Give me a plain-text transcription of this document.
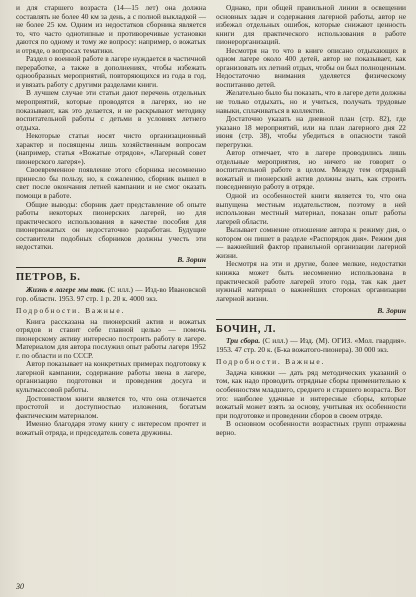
и для старшего возраста (14—15 лет) она должна составлять не более 40 км за день, а с полной выкладкой — не более 25 км. Одним из недостатков сборника является то, что часто однотипные и противоречивые установки даются по одному и тому же вопросу: например, о вожатых и отряде, о вопросах тематики.

Раздел о военной работе в лагере нуждается в частичной переработке, а также в дополнениях, чтобы избежать однообразных мероприятий, повторяющихся из года в год, и увязать работу с другими разделами книги.

В лучшем случае эти статьи дают перечень отдельных мероприятий, которые проводятся в лагерях, но не показывают, как это делается, и не раскрывают методику воспитательной работы с детьми в условиях летнего отдыха.

Некоторые статьи носят чисто организационный характер и посвящены лишь хозяйственным вопросам (например, статья «Вожатые отрядов», «Лагерный совет пионерского лагеря»).

Своевременное появление этого сборника несомненно принесло бы пользу, но, к сожалению, сборник вышел в свет после окончания летней кампании и не смог оказать помощи в работе.

Общие выводы: сборник дает представление об опыте работы некоторых пионерских лагерей, но для практического использования в качестве пособия для пионервожатых он недостаточно разработан. Будущие составители подобных сборников должны учесть эти недостатки.

В. Зорин
ПЕТРОВ, Б.

Жизнь в лагере мы так. (С илл.) — Изд-во Ивановской гор. областн. 1953. 97 стр. 1 р. 20 к. 4000 экз.

Подробности. Важные.

Книга рассказана на пионерский актив и вожатых отрядов и ставит себе главной целью — помочь пионерскому активу интересно построить работу в лагере. Материалом для автора послужил опыт работы лагеря 1952 г. по области и по СССР.

Автор показывает на конкретных примерах подготовку к лагерной кампании, содержание работы звена в лагере, организацию подготовки и проведения досуга и культмассовой работы.

Достоинством книги является то, что она отличается простотой и доступностью изложения, богатым фактическим материалом.

Именно благодаря этому книгу с интересом прочтет и вожатый отряда, и председатель совета дружины.

Однако, при общей правильной линии в освещении основных задач и содержания лагерной работы, автор не избежал отдельных ошибок, которые снижают ценность книги для практического использования в работе пионерорганизаций.

Несмотря на то что в книге описано отдыхающих в одном лагере около 400 детей, автор не показывает, как организовать их летний отдых, чтобы он был полноценным. Недостаточно внимания уделяется физическому воспитанию детей.

Желательно было бы показать, что в лагере дети должны не только отдыхать, но и учиться, получать трудовые навыки, сплачиваться в коллектив.

Достаточно указать на дневной план (стр. 82), где указано 18 мероприятий, или на план лагерного дня 22 июня (стр. 38), чтобы убедиться в опасности такой перегрузки.

Автор отмечает, что в лагере проводились лишь отдельные мероприятия, но ничего не говорит о воспитательной работе в целом. Между тем отрядный вожатый и пионерский актив должны знать, как строить повседневную работу в отряде.

Одной из особенностей книги является то, что она выпущена местным издательством, поэтому в ней использован местный материал, показан опыт работы лагерей области.

Вызывает сомнение отношение автора к режиму дня, о котором он пишет в разделе «Распорядок дня». Режим дня — важнейший фактор правильной организации лагерной жизни.

Несмотря на эти и другие, более мелкие, недостатки книжка может быть несомненно использована в практической работе лагерей этого года, так как дает нужный материал о важнейших сторонах организации лагерной жизни.

В. Зорин
БОЧИН, Л.

Три сбора. (С илл.) — Изд. (М). ОГИЗ. «Мол. гвардия». 1953. 47 стр. 20 к. (Б-ка вожатого-пионера). 30 000 экз.

Подробности. Важные.

Задача книжки — дать ряд методических указаний о том, как надо проводить отрядные сборы применительно к особенностям младшего, среднего и старшего возраста. Вот это: наиболее удачные и интересные сборы, которые вожатый может взять за основу, учитывая их особенности при подготовке и проведении сборов в своем отряде.

В основном особенности возрастных групп отражены верно.

30
